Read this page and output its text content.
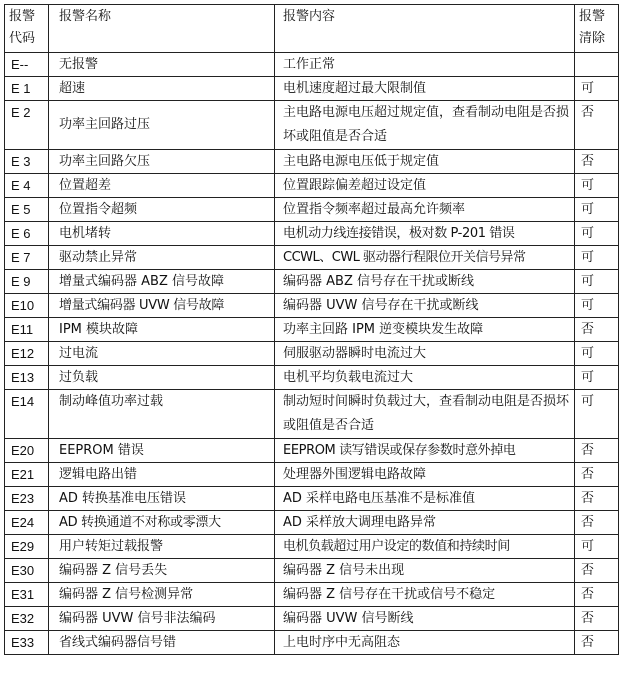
报警代码	报警名称	报警内容	报警清除
E--	无报警	工作正常	
E 1	超速	电机速度超过最大限制值	可
E 2	功率主回路过压	主电路电源电压超过规定值，查看制动电阻是否损坏或阻值是否合适	否
E 3	功率主回路欠压	主电路电源电压低于规定值	否
E 4	位置超差	位置跟踪偏差超过设定值	可
E 5	位置指令超频	位置指令频率超过最高允许频率	可
E 6	电机堵转	电机动力线连接错误，极对数 P-201 错误	可
E 7	驱动禁止异常	CCWL、CWL 驱动器行程限位开关信号异常	可
E 9	增量式编码器 ABZ 信号故障	编码器 ABZ 信号存在干扰或断线	可
E10	增量式编码器 UVW 信号故障	编码器 UVW 信号存在干扰或断线	可
E11	IPM 模块故障	功率主回路 IPM 逆变模块发生故障	否
E12	过电流	伺服驱动器瞬时电流过大	可
E13	过负载	电机平均负载电流过大	可
E14	制动峰值功率过载	制动短时间瞬时负载过大，查看制动电阻是否损坏或阻值是否合适	可
E20	EEPROM 错误	EEPROM 读写错误或保存参数时意外掉电	否
E21	逻辑电路出错	处理器外围逻辑电路故障	否
E23	AD 转换基准电压错误	AD 采样电路电压基准不是标准值	否
E24	AD 转换通道不对称或零漂大	AD 采样放大调理电路异常	否
E29	用户转矩过载报警	电机负载超过用户设定的数值和持续时间	可
E30	编码器 Z 信号丢失	编码器 Z 信号未出现	否
E31	编码器 Z 信号检测异常	编码器 Z 信号存在干扰或信号不稳定	否
E32	编码器 UVW 信号非法编码	编码器 UVW 信号断线	否
E33	省线式编码器信号错	上电时序中无高阻态	否
